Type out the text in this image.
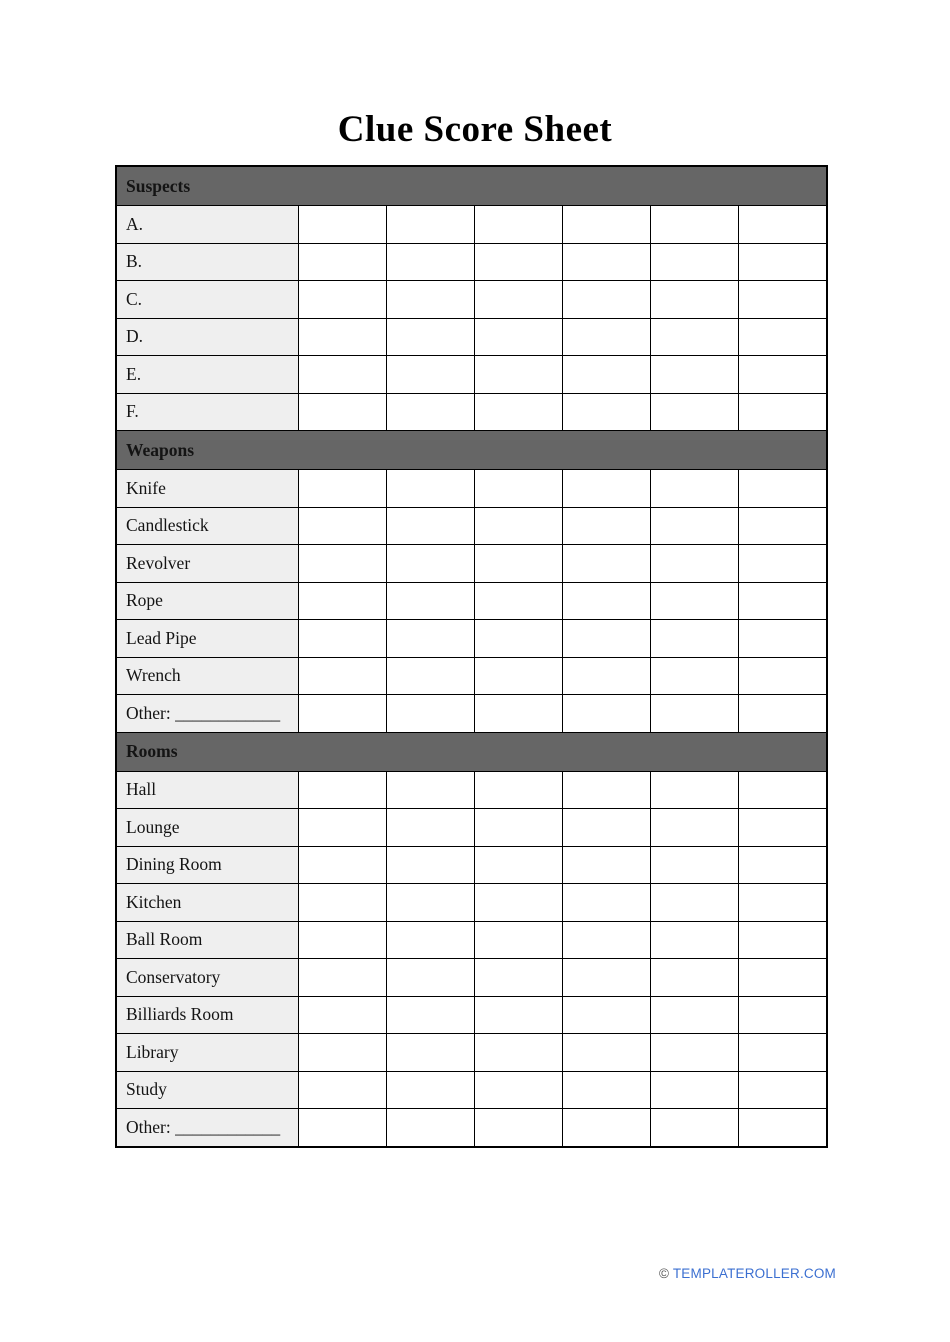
Clue Score Sheet
Suspects						
A.						
B.						
C.						
D.						
E.						
F.						
Weapons						
Knife						
Candlestick						
Revolver						
Rope						
Lead Pipe						
Wrench						
Other: ____________						
Rooms						
Hall						
Lounge						
Dining Room						
Kitchen						
Ball Room						
Conservatory						
Billiards Room						
Library						
Study						
Other: ____________						
© TEMPLATEROLLER.COM
